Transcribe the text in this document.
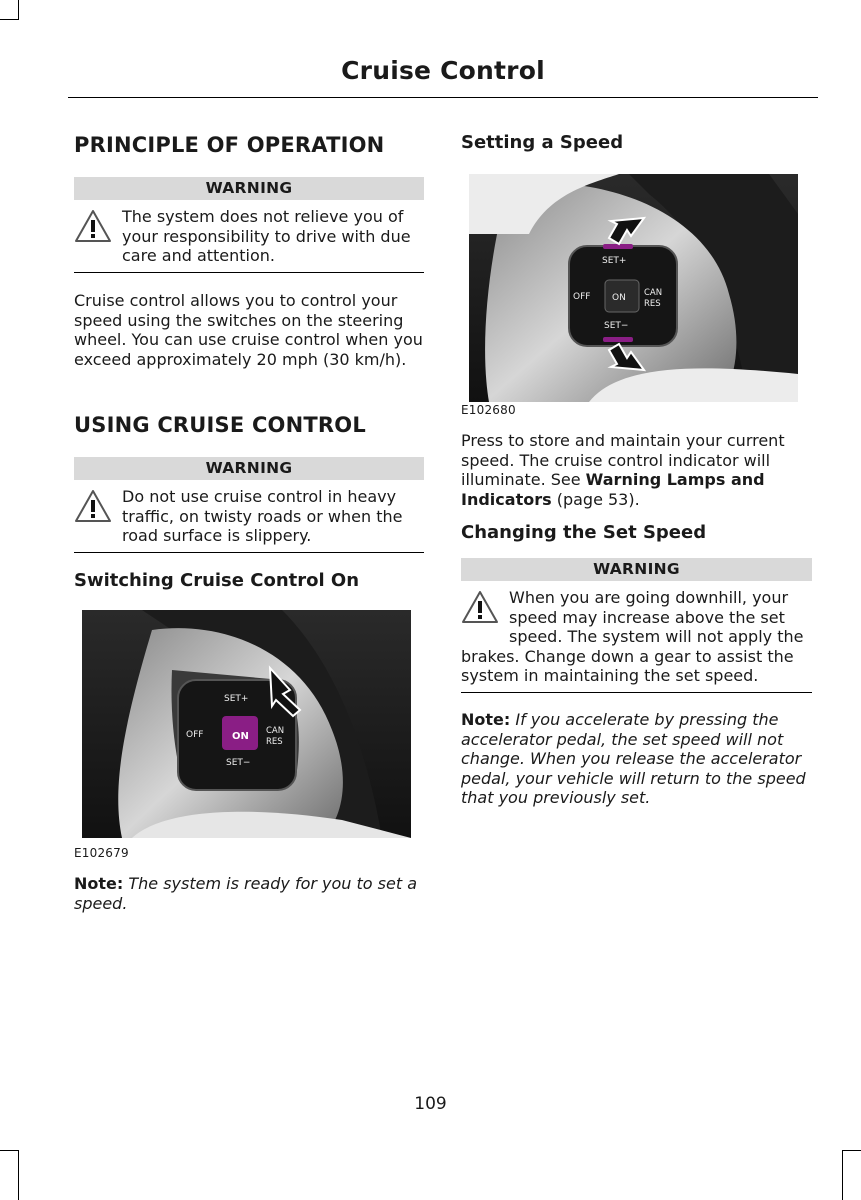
Cruise Control
PRINCIPLE OF OPERATION
WARNING
The system does not relieve you of your responsibility to drive with due care and attention.

Cruise control allows you to control your speed using the switches on the steering wheel. You can use cruise control when you exceed approximately 20 mph (30 km/h).

USING CRUISE CONTROL
WARNING
Do not use cruise control in heavy traffic, on twisty roads or when the road surface is slippery.
Switching Cruise Control On
SET+
OFF	ON CAN
RES
SET−
E102679

Note: The system is ready for you to set a speed.

Setting a Speed
SET+
OFF ON CAN
RES
SET−
E102680

Press to store and maintain your current speed. The cruise control indicator will illuminate. See Warning Lamps and Indicators (page 53).

Changing the Set Speed
WARNING
When you are going downhill, your speed may increase above the set speed. The system will not apply the
brakes. Change down a gear to assist the system in maintaining the set speed.

Note: If you accelerate by pressing the accelerator pedal, the set speed will not change. When you release the accelerator pedal, your vehicle will return to the speed that you previously set.

109
